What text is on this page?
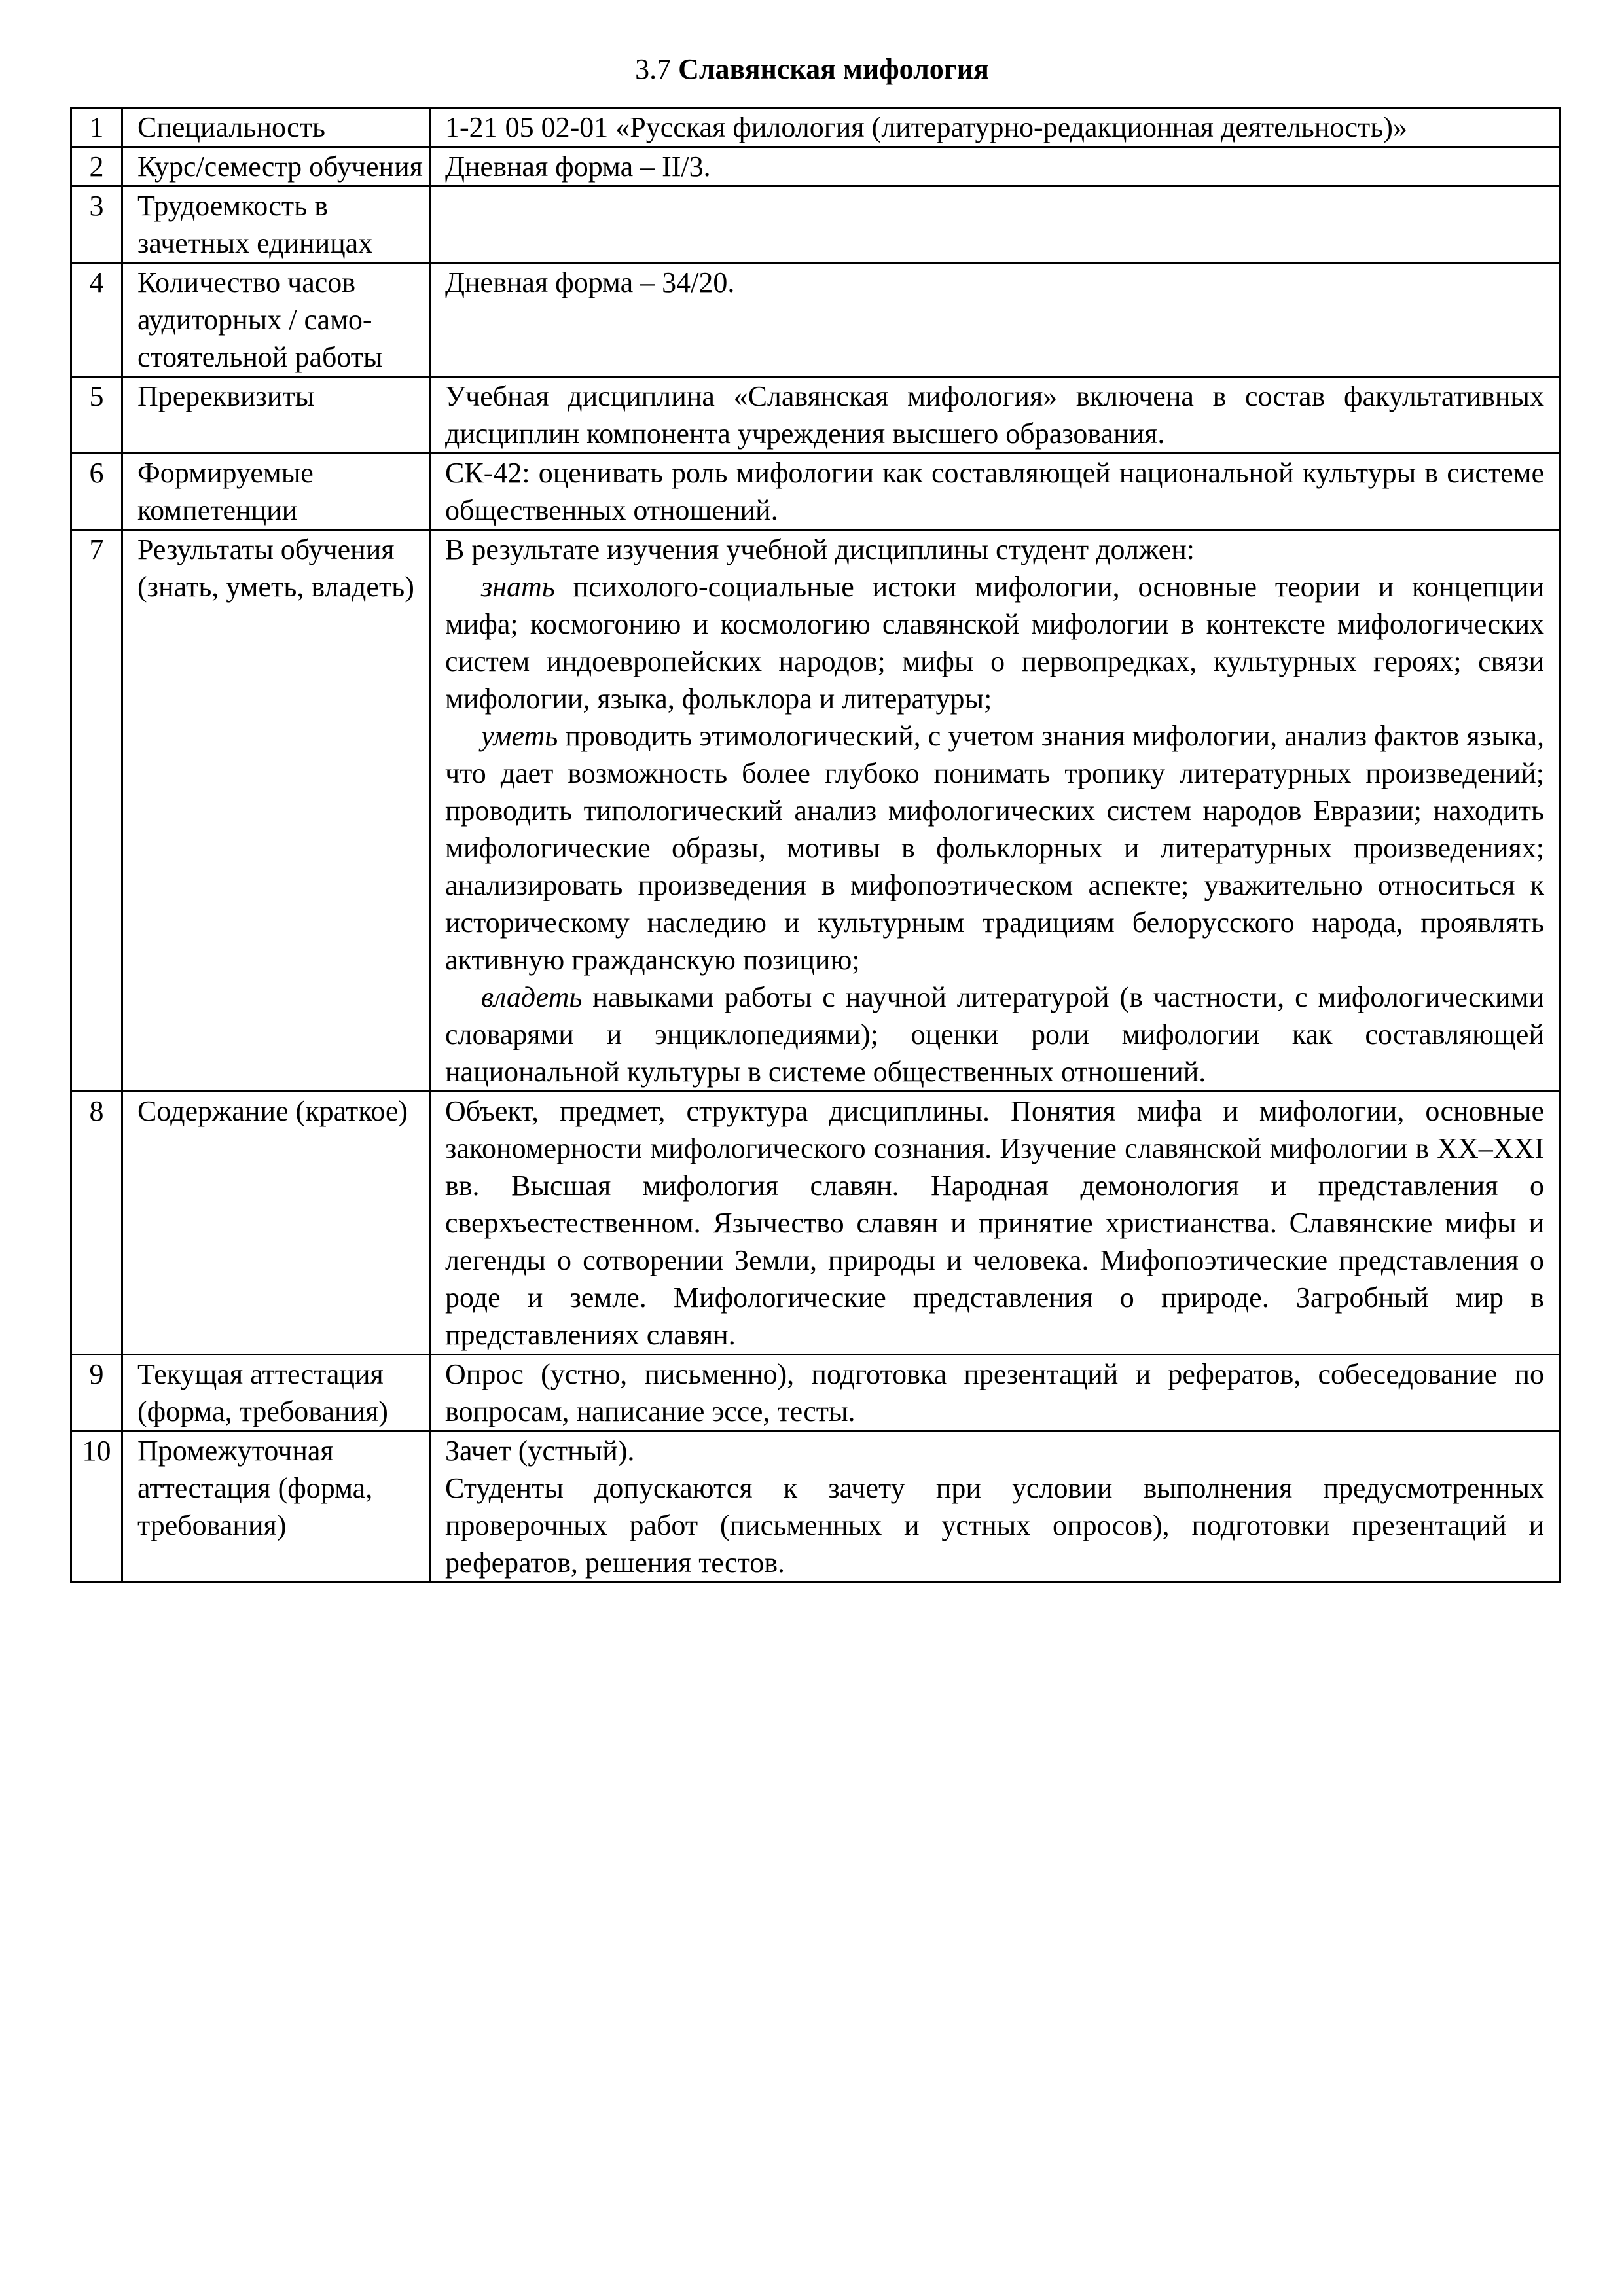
3.7 Славянская мифология
1	Специальность	1-21 05 02-01 «Русская филология (литературно-редакционная деятельность)»
2	Курс/семестр обучения	Дневная форма – II/3.
3	Трудоемкость в зачетных единицах	
4	Количество часов аудиторных / само-стоятельной работы	Дневная форма – 34/20.
5	Пререквизиты	Учебная дисциплина «Славянская мифология» включена в состав факультативных дисциплин компонента учреждения высшего образования.
6	Формируемые компетенции	СК-42: оценивать роль мифологии как составляющей национальной культуры в системе общественных отношений.
7	Результаты обучения (знать, уметь, владеть)	В результате изучения учебной дисциплины студент должен:

знать психолого-социальные истоки мифологии, основные теории и концепции мифа; космогонию и космологию славянской мифологии в контексте мифологических систем индоевропейских народов; мифы о первопредках, культурных героях; связи мифологии, языка, фольклора и литературы;

уметь проводить этимологический, с учетом знания мифологии, анализ фактов языка, что дает возможность более глубоко понимать тропику литературных произведений; проводить типологический анализ мифологических систем народов Евразии; находить мифологические образы, мотивы в фольклорных и литературных произведениях; анализировать произведения в мифопоэтическом аспекте; уважительно относиться к историческому наследию и культурным традициям белорусского народа, проявлять активную гражданскую позицию;

владеть навыками работы с научной литературой (в частности, с мифологическими словарями и энциклопедиями); оценки роли мифологии как составляющей национальной культуры в системе общественных отношений.

8	Содержание (краткое)	Объект, предмет, структура дисциплины. Понятия мифа и мифологии, основные закономерности мифологического сознания. Изучение славянской мифологии в XX–XXI вв. Высшая мифология славян. Народная демонология и представления о сверхъестественном. Язычество славян и принятие христианства. Славянские мифы и легенды о сотворении Земли, природы и человека. Мифопоэтические представления о роде и земле. Мифологические представления о природе. Загробный мир в представлениях славян.
9	Текущая аттестация (форма, требования)	Опрос (устно, письменно), подготовка презентаций и рефератов, собеседование по вопросам, написание эссе, тесты.
10	Промежуточная аттестация (форма, требования)	Зачет (устный).

Студенты допускаются к зачету при условии выполнения предусмотренных проверочных работ (письменных и устных опросов), подготовки презентаций и рефератов, решения тестов.
